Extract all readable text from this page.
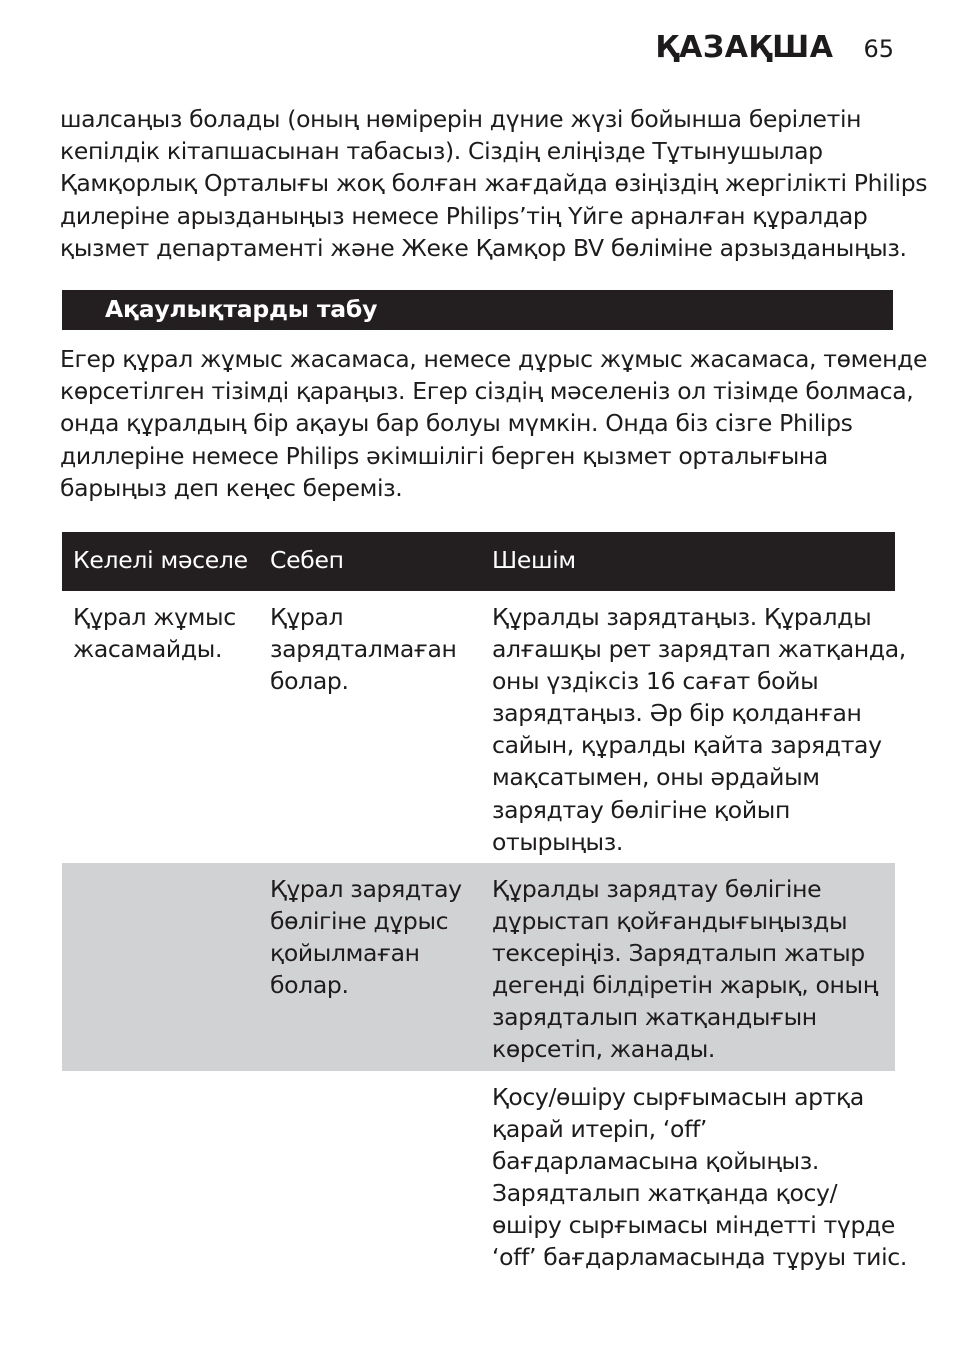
ҚАЗАҚША 65

шалсаңыз болады (оның нөмірерін дүние жүзі бойынша берілетін
кепілдік кітапшасынан табасыз). Сіздің еліңізде Тұтынушылар
Қамқорлық Орталығы жоқ болған жағдайда өзіңіздің жергілікті Philips
дилеріне арызданыңыз немесе Philips’тің Үйге арналған құралдар
қызмет департаменті және Жеке Қамқор BV бөліміне арзызданыңыз.

Ақаулықтарды табу

Егер құрал жұмыс жасамаса, немесе дұрыс жұмыс жасамаса, төменде
көрсетілген тізімді қараңыз. Егер сіздің мәселеніз ол тізімде болмаса,
онда құралдың бір ақауы бар болуы мүмкін. Онда біз сізге Philips
диллеріне немесе Philips әкімшілігі берген қызмет орталығына
барыңыз деп кеңес береміз.

Келелі мәселе Себеп	Шешім
Құрал жұмыс
жасамайды.
Құрал
зарядталмаған
болар.
Құралды зарядтаңыз. Құралды
алғашқы рет зарядтап жатқанда,
оны үздіксіз 16 сағат бойы
зарядтаңыз. Әр бір қолданған
сайын, құралды қайта зарядтау
мақсатымен, оны әрдайым
зарядтау бөлігіне қойып
отырыңыз.
Құрал зарядтау
бөлігіне дұрыс
қойылмаған
болар.
Құралды зарядтау бөлігіне
дұрыстап қойғандығыңызды
тексеріңіз. Зарядталып жатыр
дегенді білдіретін жарық, оның
зарядталып жатқандығын
көрсетіп, жанады.
Қосу/өшіру сырғымасын артқа
қарай итеріп, ‘off’
бағдарламасына қойыңыз.
Зарядталып жатқанда қосу/
өшіру сырғымасы міндетті түрде
‘off’ бағдарламасында тұруы тиіс.
